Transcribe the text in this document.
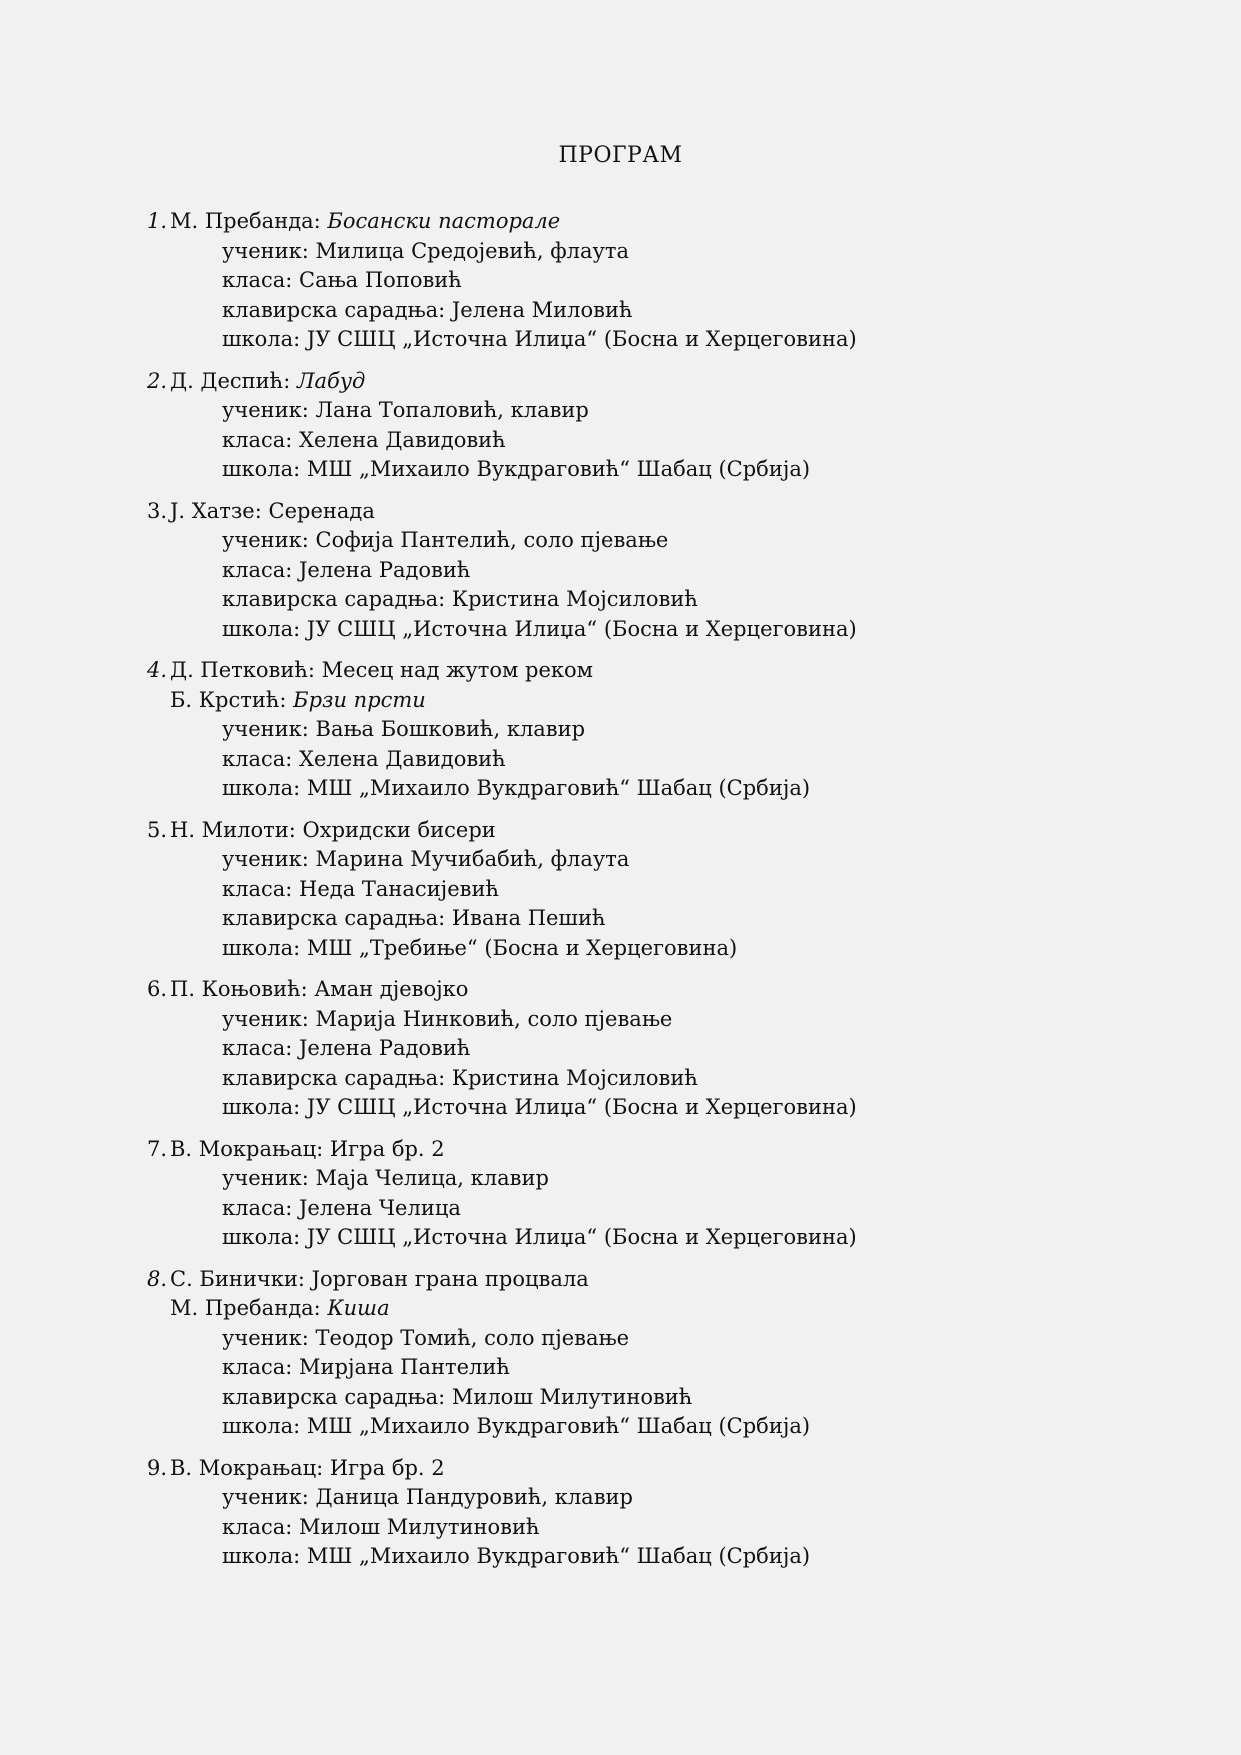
ПРОГРАМ
1. М. Пребанда: Босански пасторале
ученик: Милица Средојевић, флаута
класа: Сања Поповић
клавирска сарадња: Јелена Миловић
школа: ЈУ СШЦ „Источна Илиџа“ (Босна и Херцеговина)
2. Д. Деспић: Лабуд
ученик: Лана Топаловић, клавир
класа: Хелена Давидовић
школа: МШ „Михаило Вукдраговић“ Шабац (Србија)
3. Ј. Хатзе: Серенада
ученик: Софија Пантелић, соло пјевање
класа: Јелена Радовић
клавирска сарадња: Кристина Мојсиловић
школа: ЈУ СШЦ „Источна Илиџа“ (Босна и Херцеговина)
4. Д. Петковић: Месец над жутом реком
Б. Крстић: Брзи прсти
ученик: Вања Бошковић, клавир
класа: Хелена Давидовић
школа: МШ „Михаило Вукдраговић“ Шабац (Србија)
5. Н. Милоти: Охридски бисери
ученик: Марина Мучибабић, флаута
класа: Неда Танасијевић
клавирска сарадња: Ивана Пешић
школа: МШ „Требиње“ (Босна и Херцеговина)
6. П. Коњовић: Аман дјевојко
ученик: Марија Нинковић, соло пјевање
класа: Јелена Радовић
клавирска сарадња: Кристина Мојсиловић
школа: ЈУ СШЦ „Источна Илиџа“ (Босна и Херцеговина)
7. В. Мокрањац: Игра бр. 2
ученик: Маја Челица, клавир
класа: Јелена Челица
школа: ЈУ СШЦ „Источна Илиџа“ (Босна и Херцеговина)
8. С. Бинички: Јоргован грана процвала
М. Пребанда: Киша
ученик: Теодор Томић, соло пјевање
класа: Мирјана Пантелић
клавирска сарадња: Милош Милутиновић
школа: МШ „Михаило Вукдраговић“ Шабац (Србија)
9. В. Мокрањац: Игра бр. 2
ученик: Даница Пандуровић, клавир
класа: Милош Милутиновић
школа: МШ „Михаило Вукдраговић“ Шабац (Србија)
